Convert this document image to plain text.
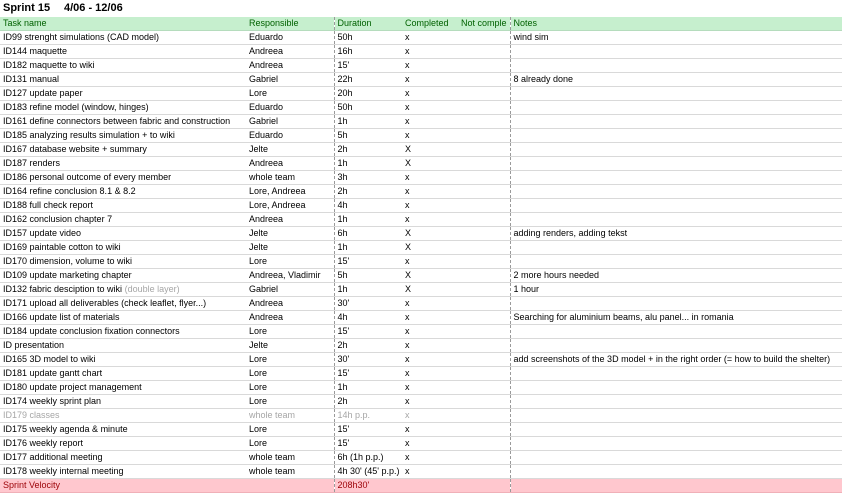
Sprint 15 4/06 - 12/06
Task name	Responsible	Duration	Completed	Not comple	Notes
ID99 strenght simulations (CAD model)	Eduardo	50h	x		wind sim
ID144 maquette	Andreea	16h	x		
ID182 maquette to wiki	Andreea	15'	x		
ID131 manual	Gabriel	22h	x		8 already done
ID127 update paper	Lore	20h	x		
ID183 refine model (window, hinges)	Eduardo	50h	x		
ID161 define connectors between fabric and construction	Gabriel	1h	x		
ID185 analyzing results simulation + to wiki	Eduardo	5h	x		
ID167 database website + summary	Jelte	2h	X		
ID187 renders	Andreea	1h	X		
ID186 personal outcome of every member	whole team	3h	x		
ID164 refine conclusion 8.1 & 8.2	Lore, Andreea	2h	x		
ID188 full check report	Lore, Andreea	4h	x		
ID162 conclusion chapter 7	Andreea	1h	x		
ID157 update video	Jelte	6h	X		adding renders, adding tekst
ID169 paintable cotton to wiki	Jelte	1h	X		
ID170 dimension, volume to wiki	Lore	15'	x		
ID109 update marketing chapter	Andreea, Vladimir	5h	X		2 more hours needed
ID132 fabric desciption to wiki (double layer)	Gabriel	1h	X		1 hour
ID171 upload all deliverables (check leaflet, flyer...)	Andreea	30'	x		
ID166 update list of materials	Andreea	4h	x		Searching for aluminium beams, alu panel... in romania
ID184 update conclusion fixation connectors	Lore	15'	x		
ID presentation	Jelte	2h	x		
ID165 3D model to wiki	Lore	30'	x		add screenshots of the 3D model + in the right order (= how to build the shelter)
ID181 update gantt chart	Lore	15'	x		
ID180 update project management	Lore	1h	x		
ID174 weekly sprint plan	Lore	2h	x		
ID179 classes	whole team	14h p.p.	x		
ID175 weekly agenda & minute	Lore	15'	x		
ID176 weekly report	Lore	15'	x		
ID177 additional meeting	whole team	6h (1h p.p.)	x		
ID178 weekly internal meeting	whole team	4h 30' (45' p.p.)	x		
Sprint Velocity		208h30'			
